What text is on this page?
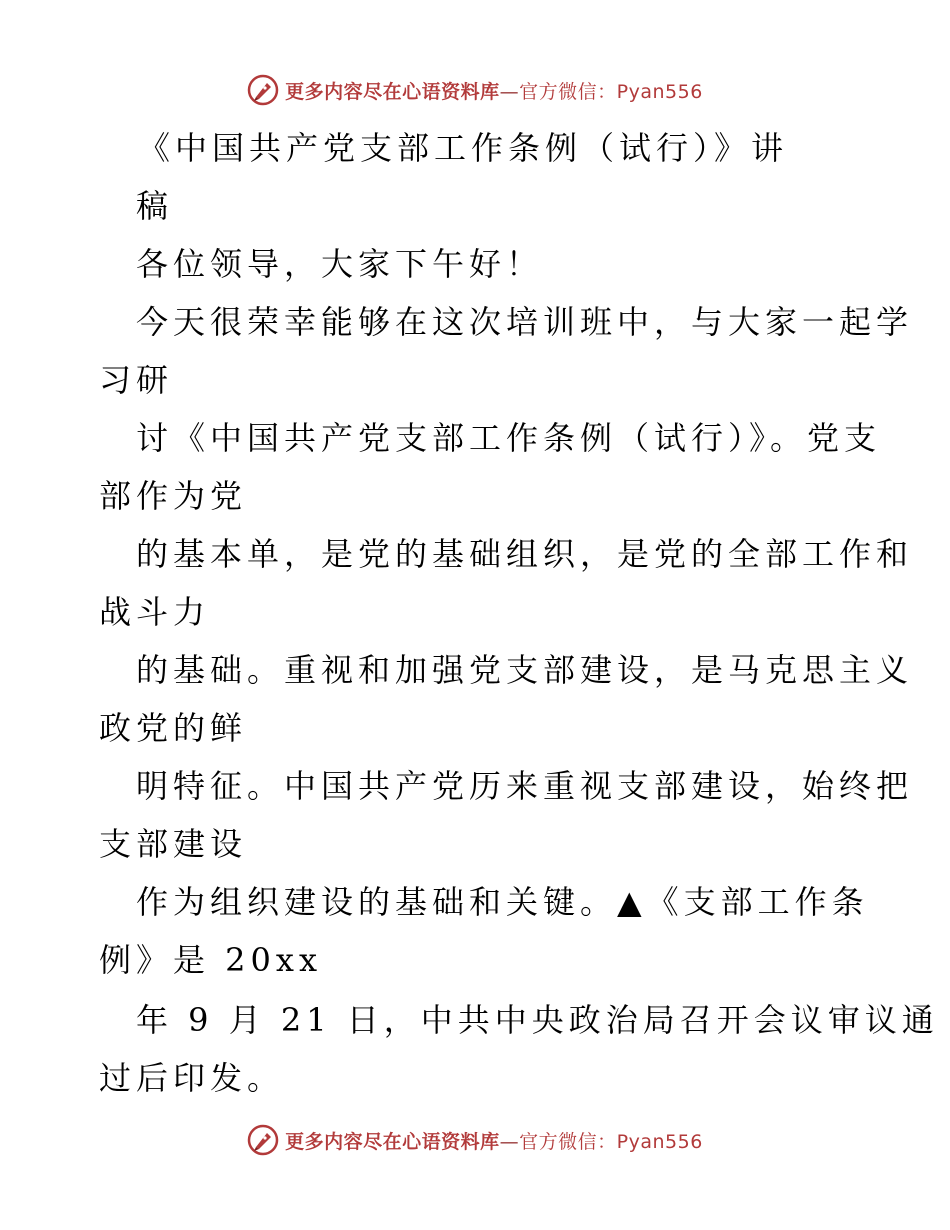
更多内容尽在心语资料库—官方微信：Pyan556
《中国共产党支部工作条例（试行）》讲
稿
各位领导，大家下午好！
今天很荣幸能够在这次培训班中，与大家一起学
习研
讨《中国共产党支部工作条例（试行）》。党支
部作为党
的基本单，是党的基础组织，是党的全部工作和
战斗力
的基础。重视和加强党支部建设，是马克思主义
政党的鲜
明特征。中国共产党历来重视支部建设，始终把
支部建设
作为组织建设的基础和关键。▲《支部工作条
例》是 20xx
年 9 月 21 日，中共中央政治局召开会议审议通
过后印发。
更多内容尽在心语资料库—官方微信：Pyan556
